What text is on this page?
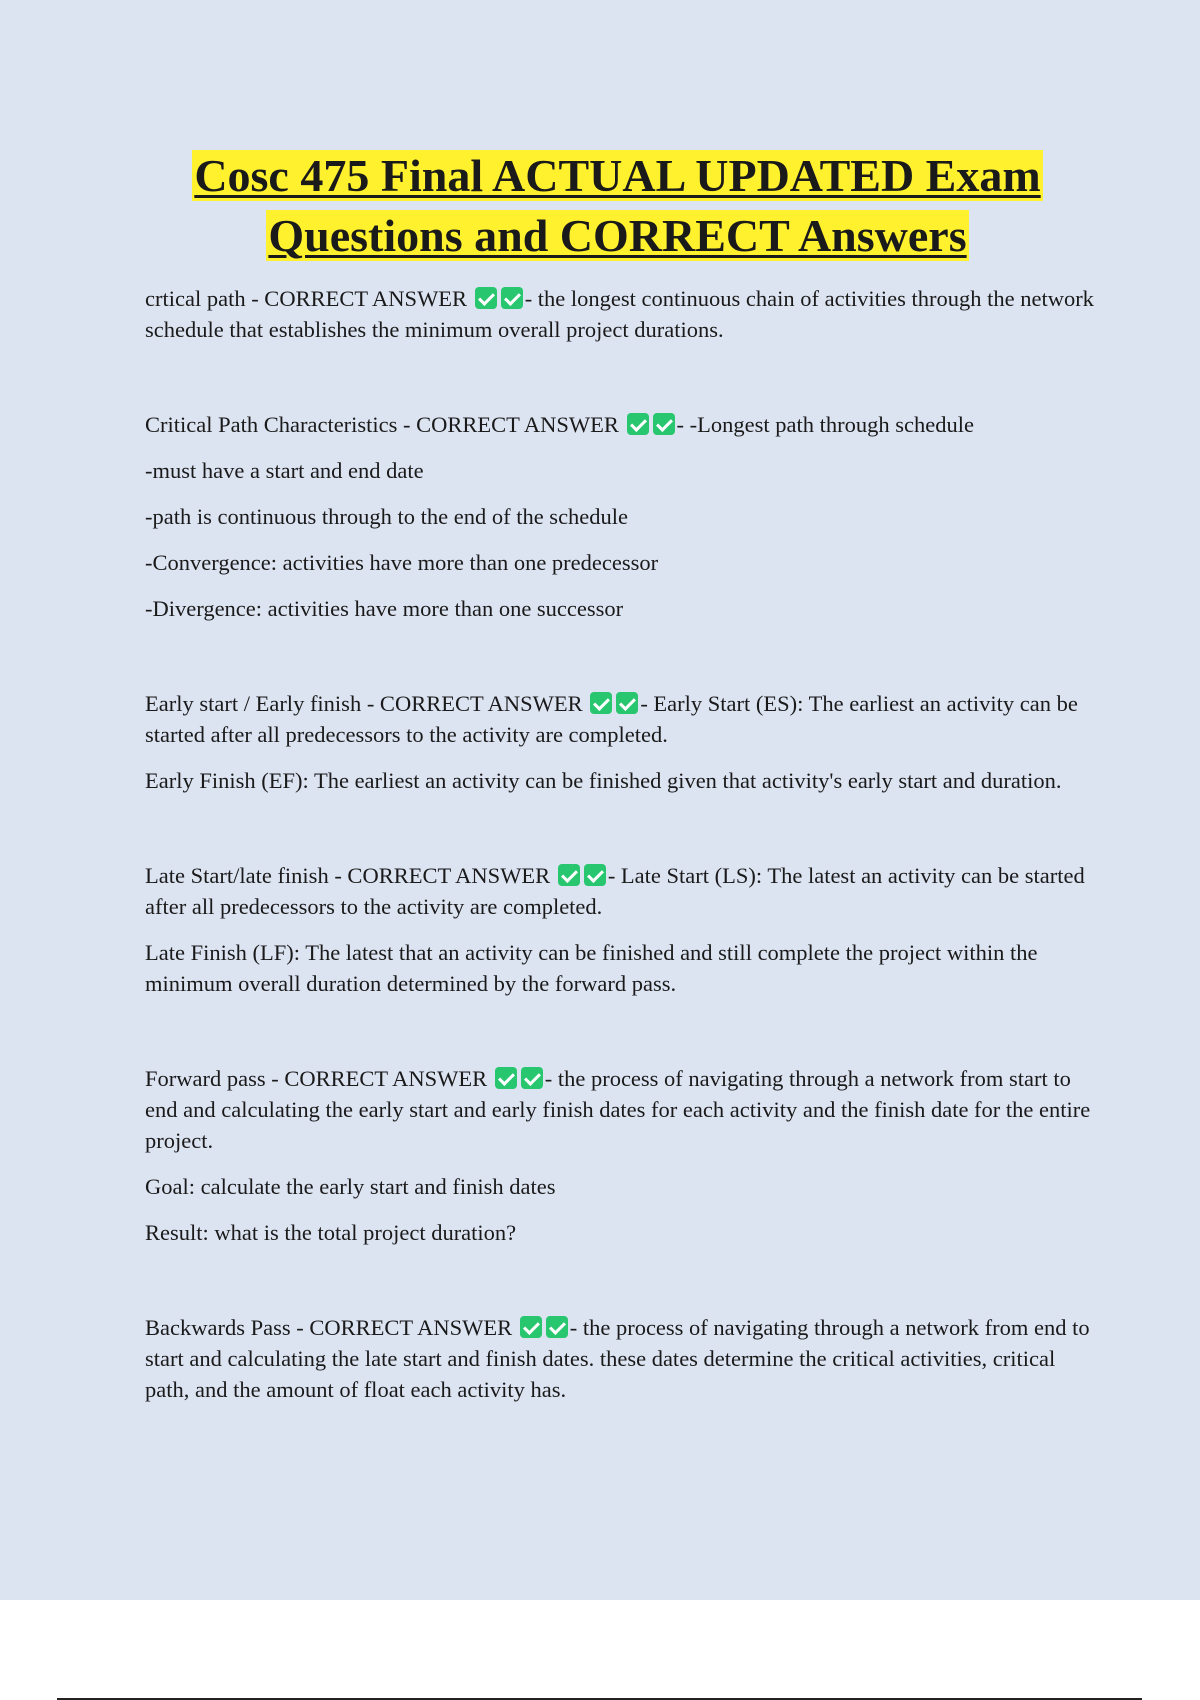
Cosc 475 Final ACTUAL UPDATED Exam
Questions and CORRECT Answers

crtical path - CORRECT ANSWER	- the longest continuous chain of activities through the network schedule that establishes the minimum overall project durations.

Critical Path Characteristics - CORRECT ANSWER	- -Longest path through schedule

-must have a start and end date

-path is continuous through to the end of the schedule

-Convergence: activities have more than one predecessor

-Divergence: activities have more than one successor

Early start / Early finish - CORRECT ANSWER	- Early Start (ES): The earliest an activity can be started after all predecessors to the activity are completed.

Early Finish (EF): The earliest an activity can be finished given that activity's early start and duration.

Late Start/late finish - CORRECT ANSWER	- Late Start (LS): The latest an activity can be started after all predecessors to the activity are completed.

Late Finish (LF): The latest that an activity can be finished and still complete the project within the minimum overall duration determined by the forward pass.

Forward pass - CORRECT ANSWER	- the process of navigating through a network from start to end and calculating the early start and early finish dates for each activity and the finish date for the entire project.

Goal: calculate the early start and finish dates

Result: what is the total project duration?

Backwards Pass - CORRECT ANSWER	- the process of navigating through a network from end to start and calculating the late start and finish dates. these dates determine the critical activities, critical path, and the amount of float each activity has.
